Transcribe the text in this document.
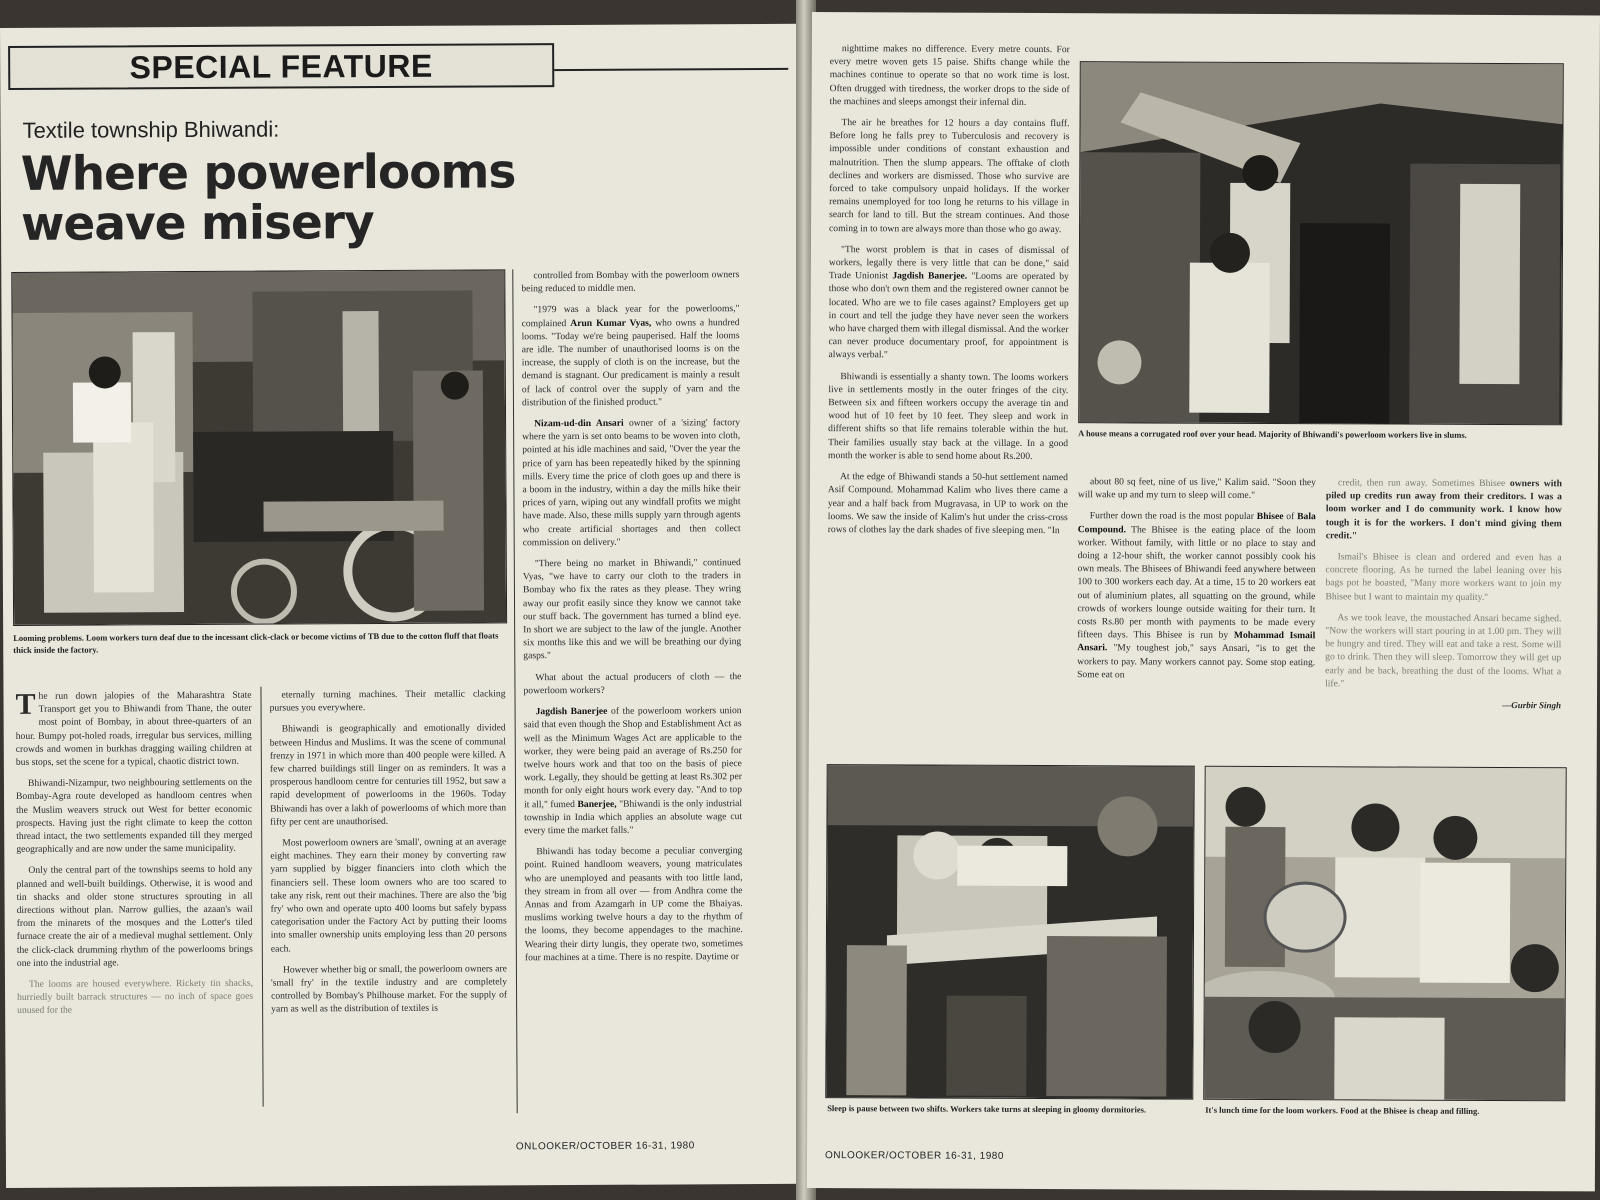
SPECIAL FEATURE
Textile township Bhiwandi:
Where powerlooms weave misery
Looming problems. Loom workers turn deaf due to the incessant click-clack or become victims of TB due to the cotton fluff that floats thick inside the factory.

The run down jalopies of the Maharashtra State Transport get you to Bhiwandi from Thane, the outer most point of Bombay, in about three-quarters of an hour. Bumpy pot-holed roads, irregular bus services, milling crowds and women in burkhas dragging wailing children at bus stops, set the scene for a typical, chaotic district town.

Bhiwandi-Nizampur, two neighbouring settlements on the Bombay-Agra route developed as handloom centres when the Muslim weavers struck out West for better economic prospects. Having just the right climate to keep the cotton thread intact, the two settlements expanded till they merged geographically and are now under the same municipality.

Only the central part of the townships seems to hold any planned and well-built buildings. Otherwise, it is wood and tin shacks and older stone structures sprouting in all directions without plan. Narrow gullies, the azaan's wail from the minarets of the mosques and the Lotter's tiled furnace create the air of a medieval mughal settlement. Only the click-clack drumming rhythm of the powerlooms brings one into the industrial age.

The looms are housed everywhere. Rickety tin shacks, hurriedly built barrack structures — no inch of space goes unused for the

eternally turning machines. Their metallic clacking pursues you everywhere.

Bhiwandi is geographically and emotionally divided between Hindus and Muslims. It was the scene of communal frenzy in 1971 in which more than 400 people were killed. A few charred buildings still linger on as reminders. It was a prosperous handloom centre for centuries till 1952, but saw a rapid development of powerlooms in the 1960s. Today Bhiwandi has over a lakh of powerlooms of which more than fifty per cent are unauthorised.

Most powerloom owners are 'small', owning at an average eight machines. They earn their money by converting raw yarn supplied by bigger financiers into cloth which the financiers sell. These loom owners who are too scared to take any risk, rent out their machines. There are also the 'big fry' who own and operate upto 400 looms but safely bypass categorisation under the Factory Act by putting their looms into smaller ownership units employing less than 20 persons each.

However whether big or small, the powerloom owners are 'small fry' in the textile industry and are completely controlled by Bombay's Philhouse market. For the supply of yarn as well as the distribution of textiles is

controlled from Bombay with the powerloom owners being reduced to middle men.

"1979 was a black year for the powerlooms," complained Arun Kumar Vyas, who owns a hundred looms. "Today we're being pauperised. Half the looms are idle. The number of unauthorised looms is on the increase, the supply of cloth is on the increase, but the demand is stagnant. Our predicament is mainly a result of lack of control over the supply of yarn and the distribution of the finished product."

Nizam-ud-din Ansari owner of a 'sizing' factory where the yarn is set onto beams to be woven into cloth, pointed at his idle machines and said, "Over the year the price of yarn has been repeatedly hiked by the spinning mills. Every time the price of cloth goes up and there is a boom in the industry, within a day the mills hike their prices of yarn, wiping out any windfall profits we might have made. Also, these mills supply yarn through agents who create artificial shortages and then collect commission on delivery."

"There being no market in Bhiwandi," continued Vyas, "we have to carry our cloth to the traders in Bombay who fix the rates as they please. They wring away our profit easily since they know we cannot take our stuff back. The government has turned a blind eye. In short we are subject to the law of the jungle. Another six months like this and we will be breathing our dying gasps."

What about the actual producers of cloth — the powerloom workers?

Jagdish Banerjee of the powerloom workers union said that even though the Shop and Establishment Act as well as the Minimum Wages Act are applicable to the worker, they were being paid an average of Rs.250 for twelve hours work and that too on the basis of piece work. Legally, they should be getting at least Rs.302 per month for only eight hours work every day. "And to top it all," fumed Banerjee, "Bhiwandi is the only industrial township in India which applies an absolute wage cut every time the market falls."

Bhiwandi has today become a peculiar converging point. Ruined handloom weavers, young matriculates who are unemployed and peasants with too little land, they stream in from all over — from Andhra come the Annas and from Azamgarh in UP come the Bhaiyas. muslims working twelve hours a day to the rhythm of the looms, they become appendages to the machine. Wearing their dirty lungis, they operate two, sometimes four machines at a time. There is no respite. Daytime or

ONLOOKER/OCTOBER 16-31, 1980

nighttime makes no difference. Every metre counts. For every metre woven gets 15 paise. Shifts change while the machines continue to operate so that no work time is lost. Often drugged with tiredness, the worker drops to the side of the machines and sleeps amongst their infernal din.

The air he breathes for 12 hours a day contains fluff. Before long he falls prey to Tuberculosis and recovery is impossible under conditions of constant exhaustion and malnutrition. Then the slump appears. The offtake of cloth declines and workers are dismissed. Those who survive are forced to take compulsory unpaid holidays. If the worker remains unemployed for too long he returns to his village in search for land to till. But the stream continues. And those coming in to town are always more than those who go away.

"The worst problem is that in cases of dismissal of workers, legally there is very little that can be done," said Trade Unionist Jagdish Banerjee. "Looms are operated by those who don't own them and the registered owner cannot be located. Who are we to file cases against? Employers get up in court and tell the judge they have never seen the workers who have charged them with illegal dismissal. And the worker can never produce documentary proof, for appointment is always verbal."

Bhiwandi is essentially a shanty town. The looms workers live in settlements mostly in the outer fringes of the city. Between six and fifteen workers occupy the average tin and wood hut of 10 feet by 10 feet. They sleep and work in different shifts so that life remains tolerable within the hut. Their families usually stay back at the village. In a good month the worker is able to send home about Rs.200.

At the edge of Bhiwandi stands a 50-hut settlement named Asif Compound. Mohammad Kalim who lives there came a year and a half back from Mugravasa, in UP to work on the looms. We saw the inside of Kalim's hut under the criss-cross rows of clothes lay the dark shades of five sleeping men. "In

A house means a corrugated roof over your head. Majority of Bhiwandi's powerloom workers live in slums.

about 80 sq feet, nine of us live," Kalim said. "Soon they will wake up and my turn to sleep will come."

Further down the road is the most popular Bhisee of Bala Compound. The Bhisee is the eating place of the loom worker. Without family, with little or no place to stay and doing a 12-hour shift, the worker cannot possibly cook his own meals. The Bhisees of Bhiwandi feed anywhere between 100 to 300 workers each day. At a time, 15 to 20 workers eat out of aluminium plates, all squatting on the ground, while crowds of workers lounge outside waiting for their turn. It costs Rs.80 per month with payments to be made every fifteen days. This Bhisee is run by Mohammad Ismail Ansari. "My toughest job," says Ansari, "is to get the workers to pay. Many workers cannot pay. Some stop eating. Some eat on

credit, then run away. Sometimes Bhisee owners with piled up credits run away from their creditors. I was a loom worker and I do community work. I know how tough it is for the workers. I don't mind giving them credit."

Ismail's Bhisee is clean and ordered and even has a concrete flooring. As he turned the label leaning over his bags pot he boasted, "Many more workers want to join my Bhisee but I want to maintain my quality."

As we took leave, the moustached Ansari became sighed. "Now the workers will start pouring in at 1.00 pm. They will be hungry and tired. They will eat and take a rest. Some will go to drink. Then they will sleep. Tomorrow they will get up early and be back, breathing the dust of the looms. What a life."

—Gurbir Singh
Sleep is pause between two shifts. Workers take turns at sleeping in gloomy dormitories.	It's lunch time for the loom workers. Food at the Bhisee is cheap and filling.
ONLOOKER/OCTOBER 16-31, 1980
